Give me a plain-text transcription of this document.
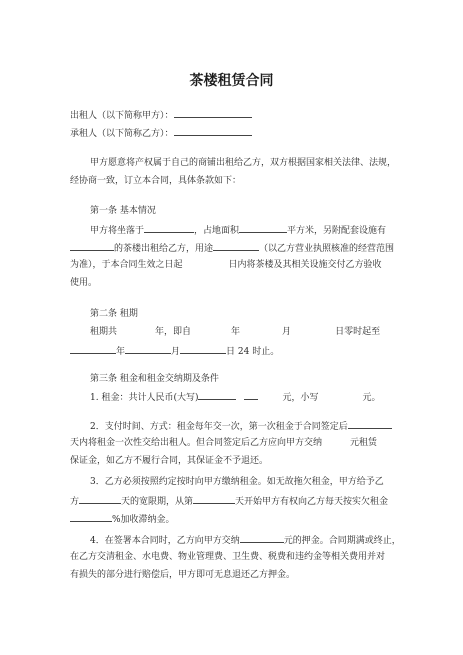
茶楼租赁合同

出租人（以下简称甲方）：

承租人（以下简称乙方）：

甲方愿意将产权属于自己的商铺出租给乙方，双方根据国家相关法律、法规，

经协商一致，订立本合同，具体条款如下：

第一条 基本情况

甲方将坐落于	，占地面积	平方米，另附配套设施有

的茶楼出租给乙方，用途	（以乙方营业执照核准的经营范围

为准），于本合同生效之日起	日内将茶楼及其相关设施交付乙方验收

使用。

第二条 租期

租期共	年，即自	年	月	日零时起至

年	月	日 24 时止。

第三条 租金和租金交纳期及条件

1. 租金：共计人民币(大写)	元，小写	元。

2．支付时间、方式：租金每年交一次，第一次租金于合同签定后

天内将租金一次性交给出租人。但合同签定后乙方应向甲方交纳	元租赁

保证金，如乙方不履行合同，其保证金不予退还。

3．乙方必须按照约定按时向甲方缴纳租金。如无故拖欠租金，甲方给予乙

方	天的宽限期，从第	天开始甲方有权向乙方每天按实欠租金

%加收滞纳金。

4．在签署本合同时，乙方向甲方交纳	元的押金。合同期满或终止，

在乙方交清租金、水电费、物业管理费、卫生费、税费和违约金等相关费用并对

有损失的部分进行赔偿后，甲方即可无息退还乙方押金。
